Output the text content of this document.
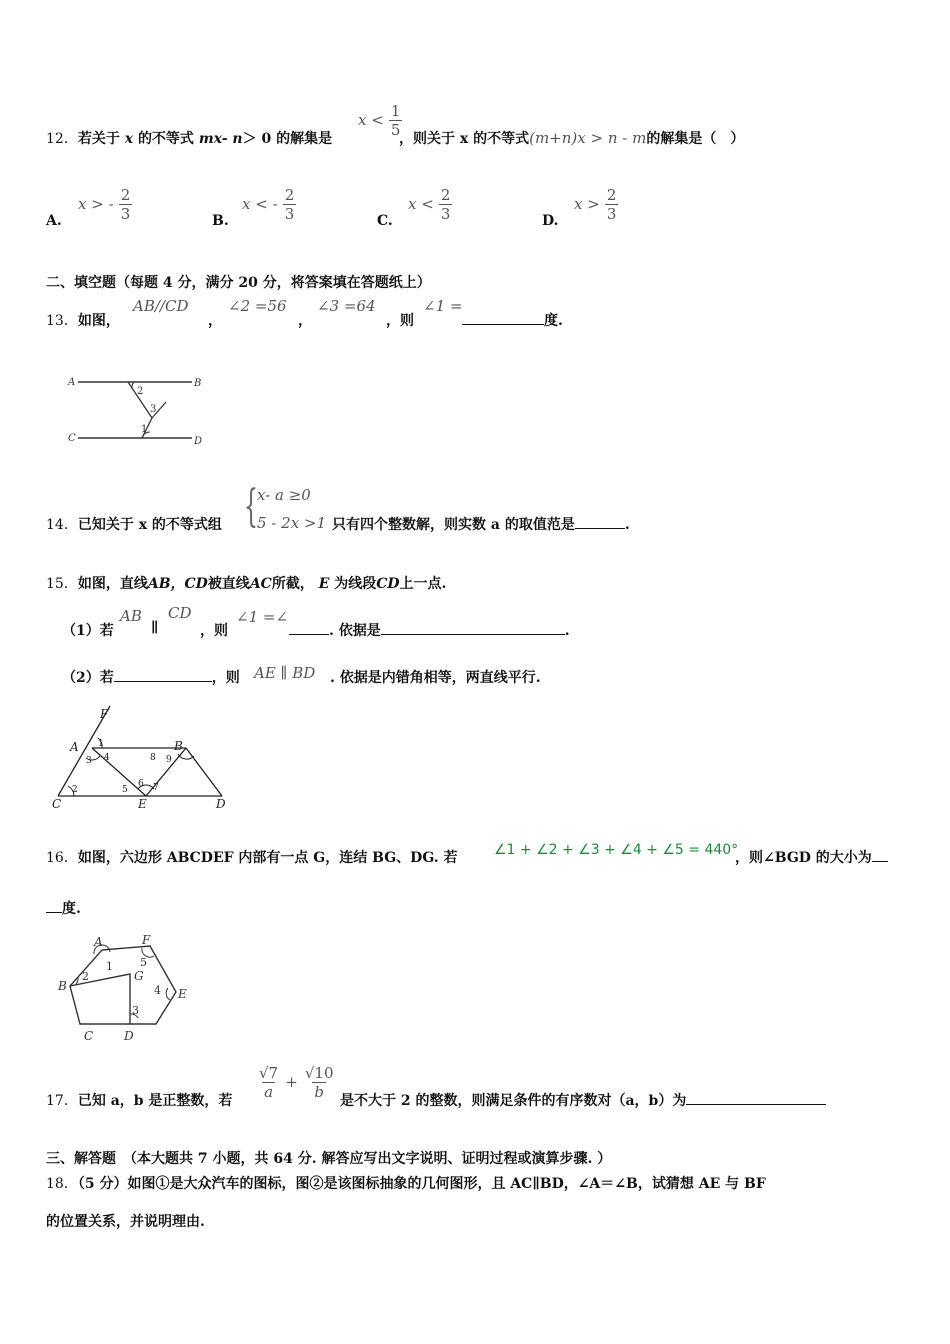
12．若关于 x 的不等式 mx- n＞ 0 的解集是
$x < \frac{1}{5}$
，则关于 x 的不等式(m+n)x > n - m的解集是（　）
A.
x > - $\frac{2}{3}$	B.
x < - $\frac{2}{3}$	C.
$x < \frac{2}{3}$	D.
$x > \frac{2}{3}$
二、填空题（每题 4 分，满分 20 分，将答案填在答题纸上）
13．如图，
AB//CD
，
∠2 =56
，
∠3 =64
，则
∠1 =
度.
A	B
C	D
2
3
1
14．已知关于 x 的不等式组 { x- a ≥0
5 - 2x >1 只有四个整数解，则实数 a 的取值范是	.
15．如图，直线AB，CD被直线AC所截， E 为线段CD上一点.
（1）若
AB
∥
CD
，则
∠1 =∠
. 依据是	.
（2）若	，则 AE ∥ BD . 依据是内错角相等，两直线平行.
F
A	B
C	E	D
1
2
3 4
5
6 7
8 9
16．如图，六边形 ABCDEF 内部有一点 G，连结 BG、DG. 若	∠1 + ∠2 + ∠3 + ∠4 + ∠5 = 440°
，则∠BGD 的大小为
度.
A	F
B
C	D
E
G
1
2
3
4
5
17．已知 a，b 是正整数，若 $\frac{√7}{a} + \frac{√10}{b}$ 是不大于 2 的整数，则满足条件的有序数对（a，b）为
三、解答题　（本大题共 7 小题，共 64 分. 解答应写出文字说明、证明过程或演算步骤. ）
18．（5 分）如图①是大众汽车的图标，图②是该图标抽象的几何图形，且 AC∥BD，∠A＝∠B，试猜想 AE 与 BF
的位置关系，并说明理由.
